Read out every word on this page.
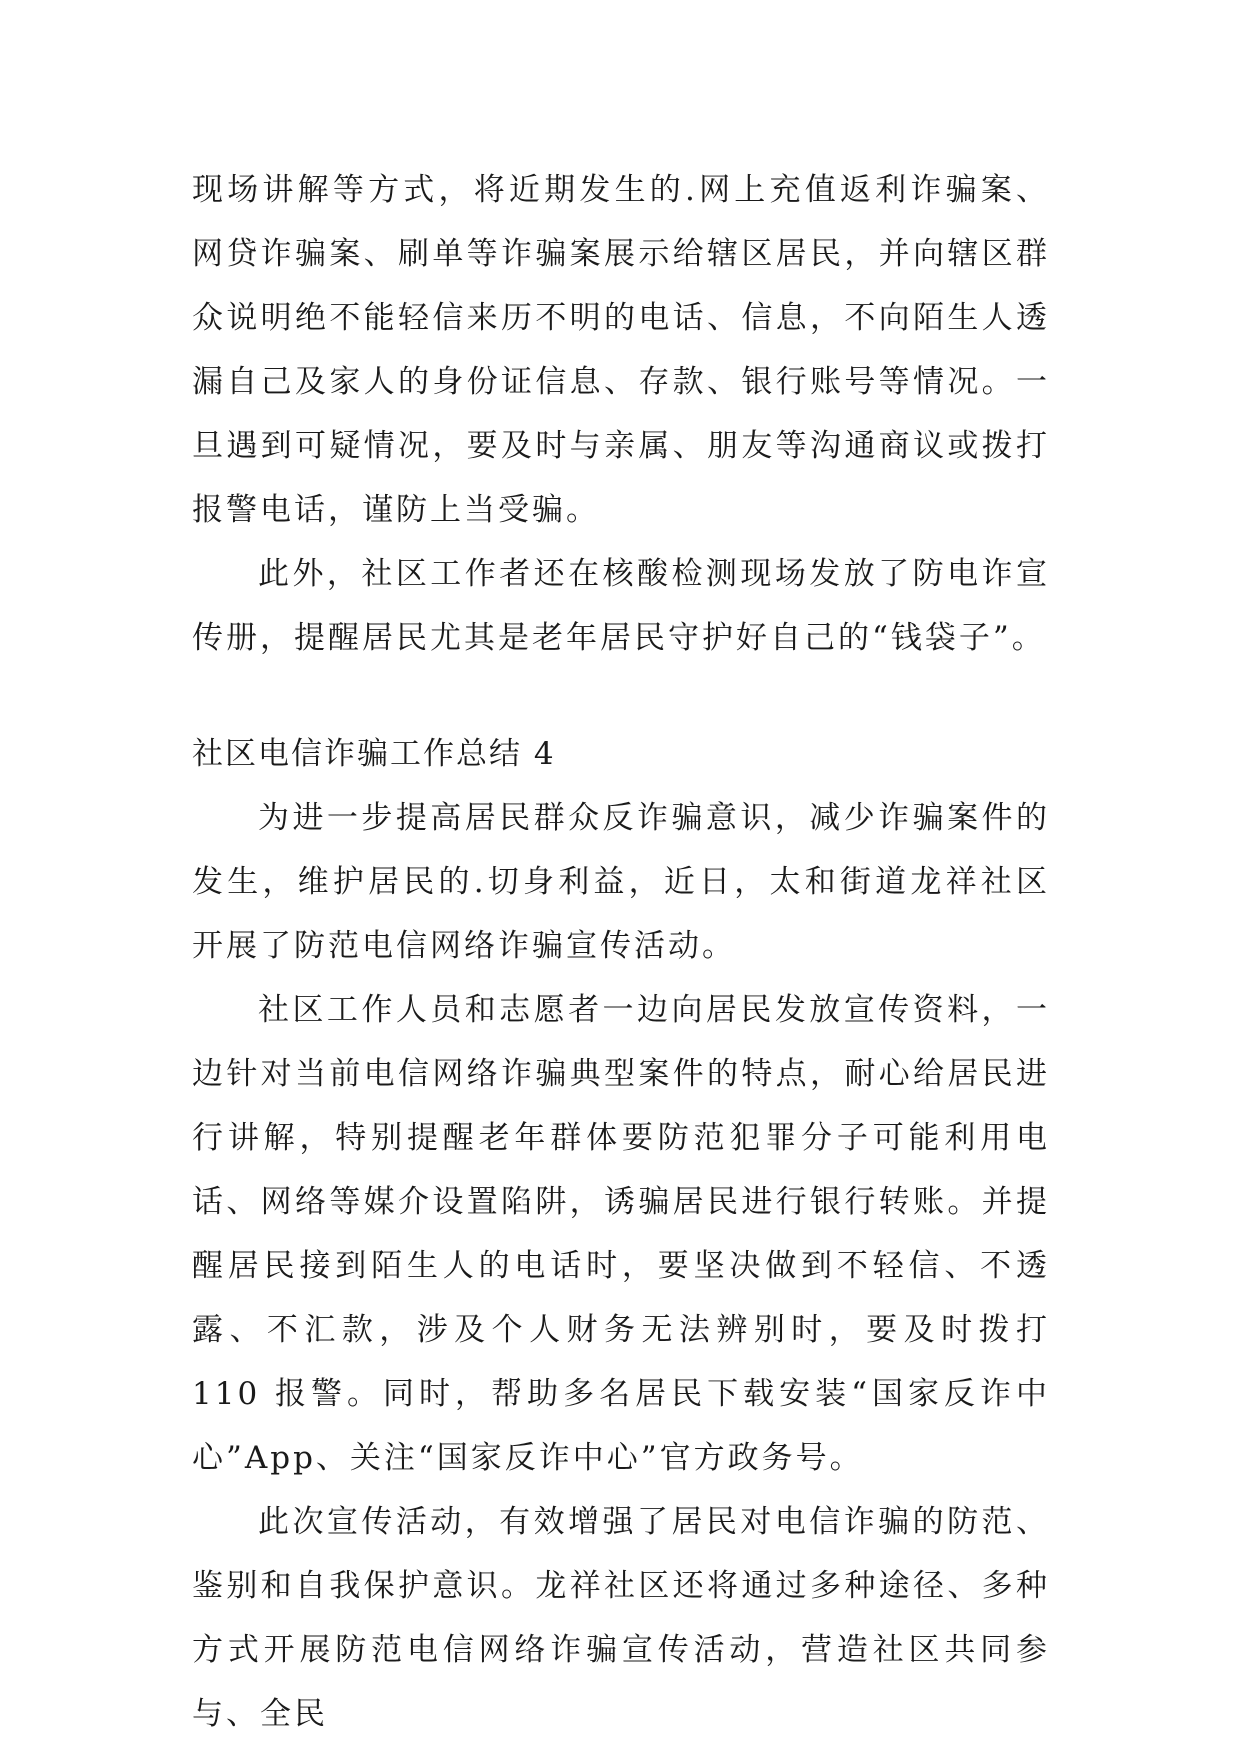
现场讲解等方式，将近期发生的.网上充值返利诈骗案、网贷诈骗案、刷单等诈骗案展示给辖区居民，并向辖区群众说明绝不能轻信来历不明的电话、信息，不向陌生人透漏自己及家人的身份证信息、存款、银行账号等情况。一旦遇到可疑情况，要及时与亲属、朋友等沟通商议或拨打报警电话，谨防上当受骗。

此外，社区工作者还在核酸检测现场发放了防电诈宣传册，提醒居民尤其是老年居民守护好自己的“钱袋子”。

社区电信诈骗工作总结 4

为进一步提高居民群众反诈骗意识，减少诈骗案件的发生，维护居民的.切身利益，近日，太和街道龙祥社区开展了防范电信网络诈骗宣传活动。

社区工作人员和志愿者一边向居民发放宣传资料，一边针对当前电信网络诈骗典型案件的特点，耐心给居民进行讲解，特别提醒老年群体要防范犯罪分子可能利用电话、网络等媒介设置陷阱，诱骗居民进行银行转账。并提醒居民接到陌生人的电话时，要坚决做到不轻信、不透露、不汇款，涉及个人财务无法辨别时，要及时拨打 110 报警。同时，帮助多名居民下载安装“国家反诈中心”App、关注“国家反诈中心”官方政务号。

此次宣传活动，有效增强了居民对电信诈骗的防范、鉴别和自我保护意识。龙祥社区还将通过多种途径、多种方式开展防范电信网络诈骗宣传活动，营造社区共同参与、全民
